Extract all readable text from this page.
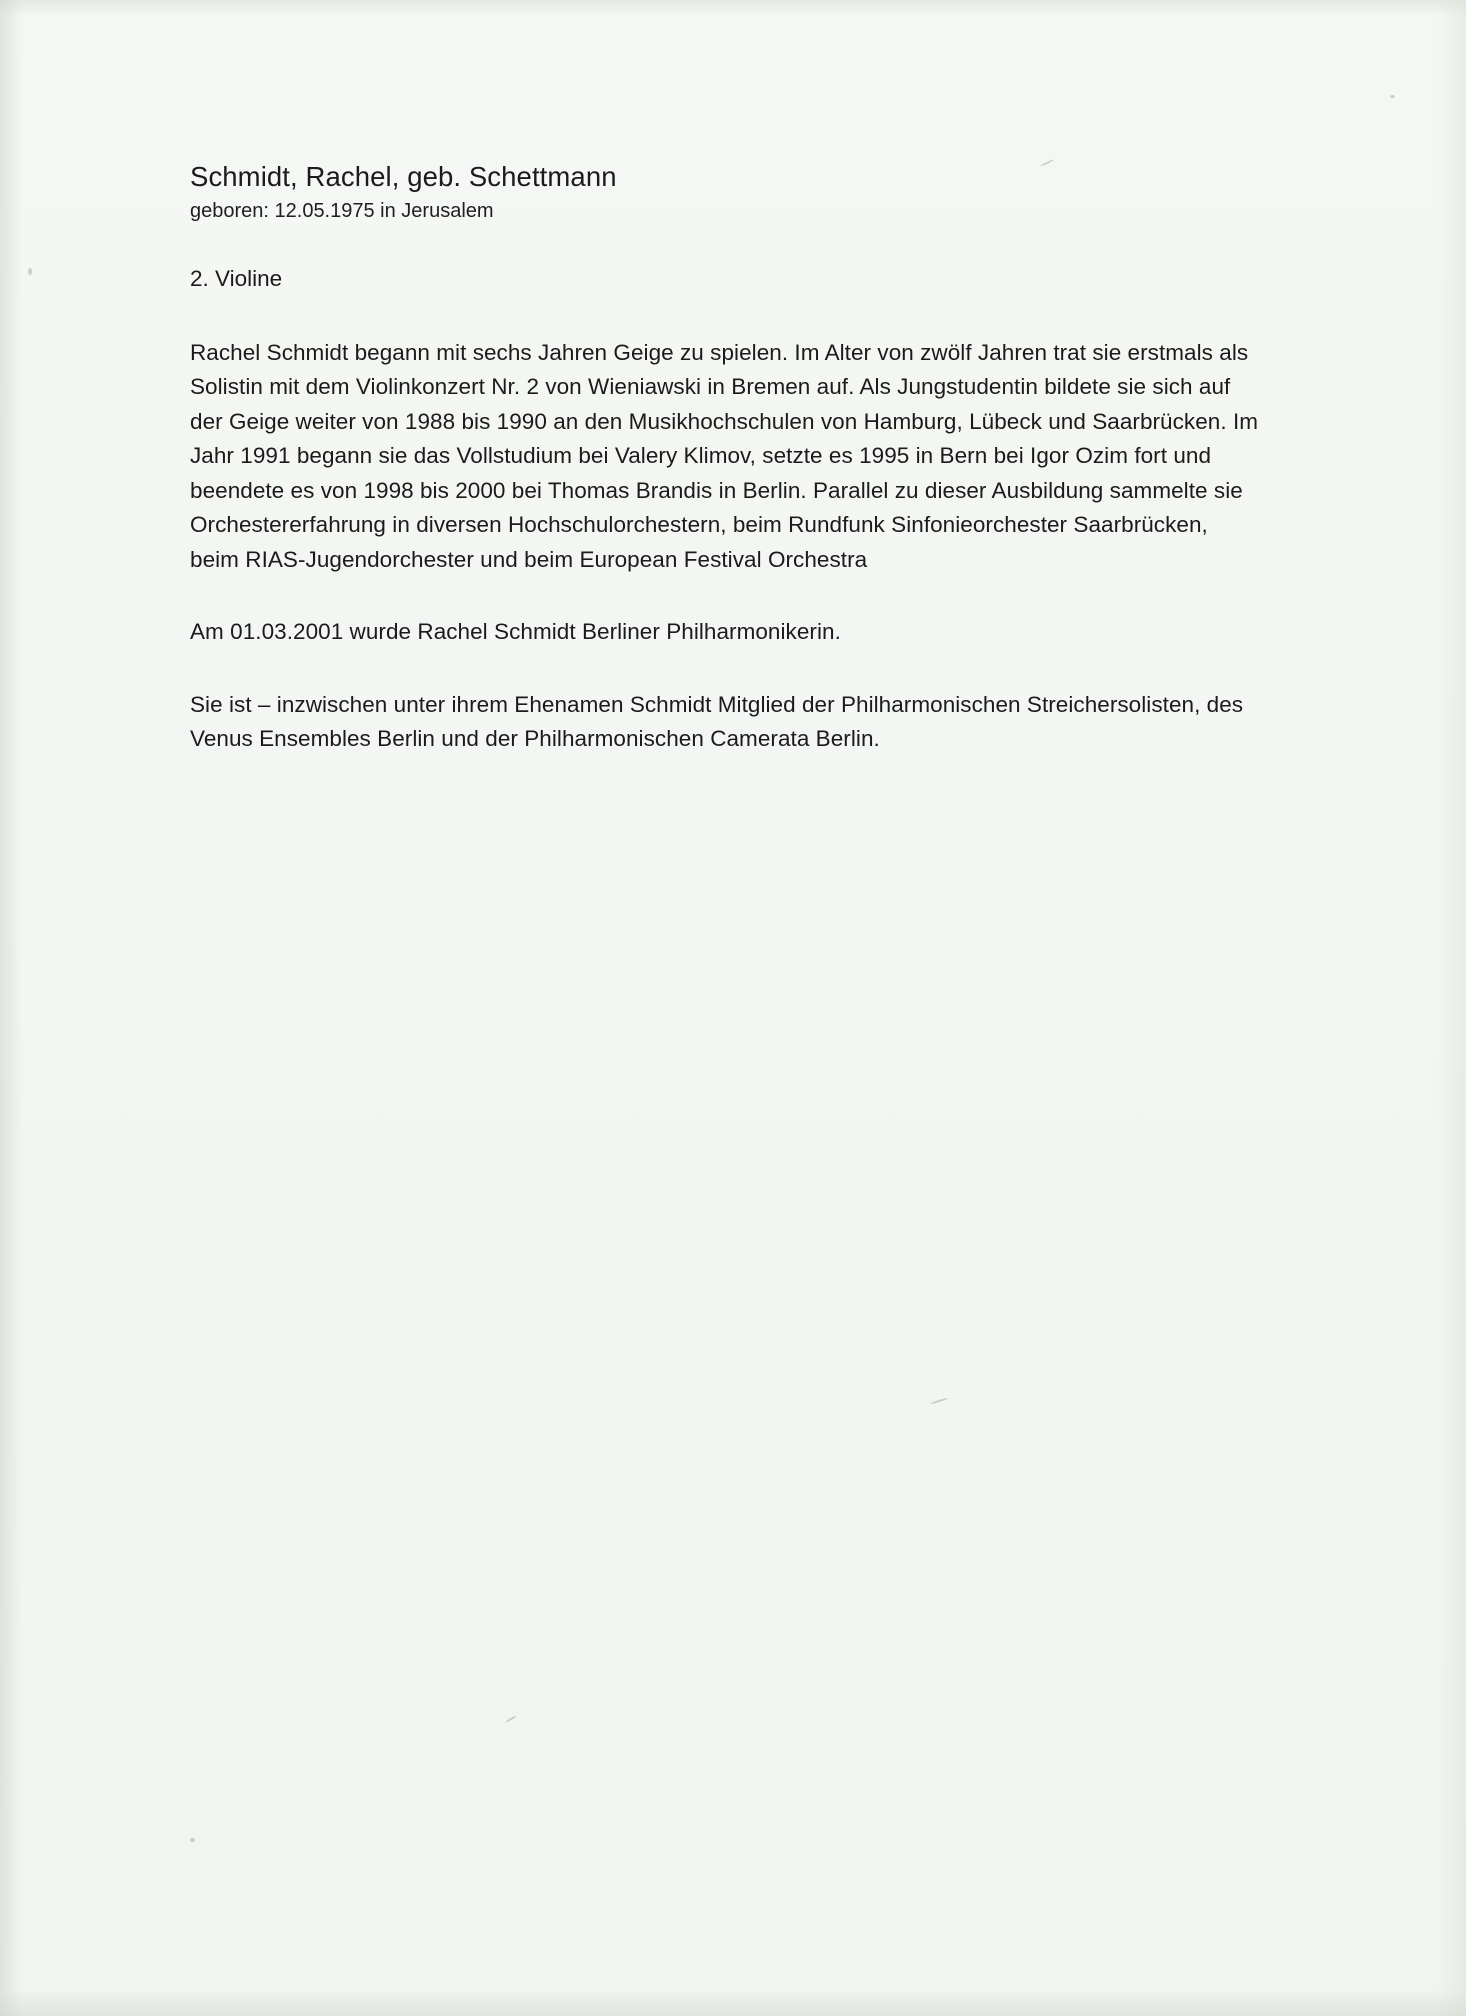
Schmidt, Rachel, geb. Schettmann

geboren: 12.05.1975 in Jerusalem

2. Violine

Rachel Schmidt begann mit sechs Jahren Geige zu spielen. Im Alter von zwölf Jahren trat sie erstmals als Solistin mit dem Violinkonzert Nr. 2 von Wieniawski in Bremen auf. Als Jungstudentin bildete sie sich auf der Geige weiter von 1988 bis 1990 an den Musikhochschulen von Hamburg, Lübeck und Saarbrücken. Im Jahr 1991 begann sie das Vollstudium bei Valery Klimov, setzte es 1995 in Bern bei Igor Ozim fort und beendete es von 1998 bis 2000 bei Thomas Brandis in Berlin. Parallel zu dieser Ausbildung sammelte sie Orchestererfahrung in diversen Hochschulorchestern, beim Rundfunk Sinfonieorchester Saarbrücken, beim RIAS-Jugendorchester und beim European Festival Orchestra

Am 01.03.2001 wurde Rachel Schmidt Berliner Philharmonikerin.

Sie ist – inzwischen unter ihrem Ehenamen Schmidt Mitglied der Philharmonischen Streichersolisten, des Venus Ensembles Berlin und der Philharmonischen Camerata Berlin.
